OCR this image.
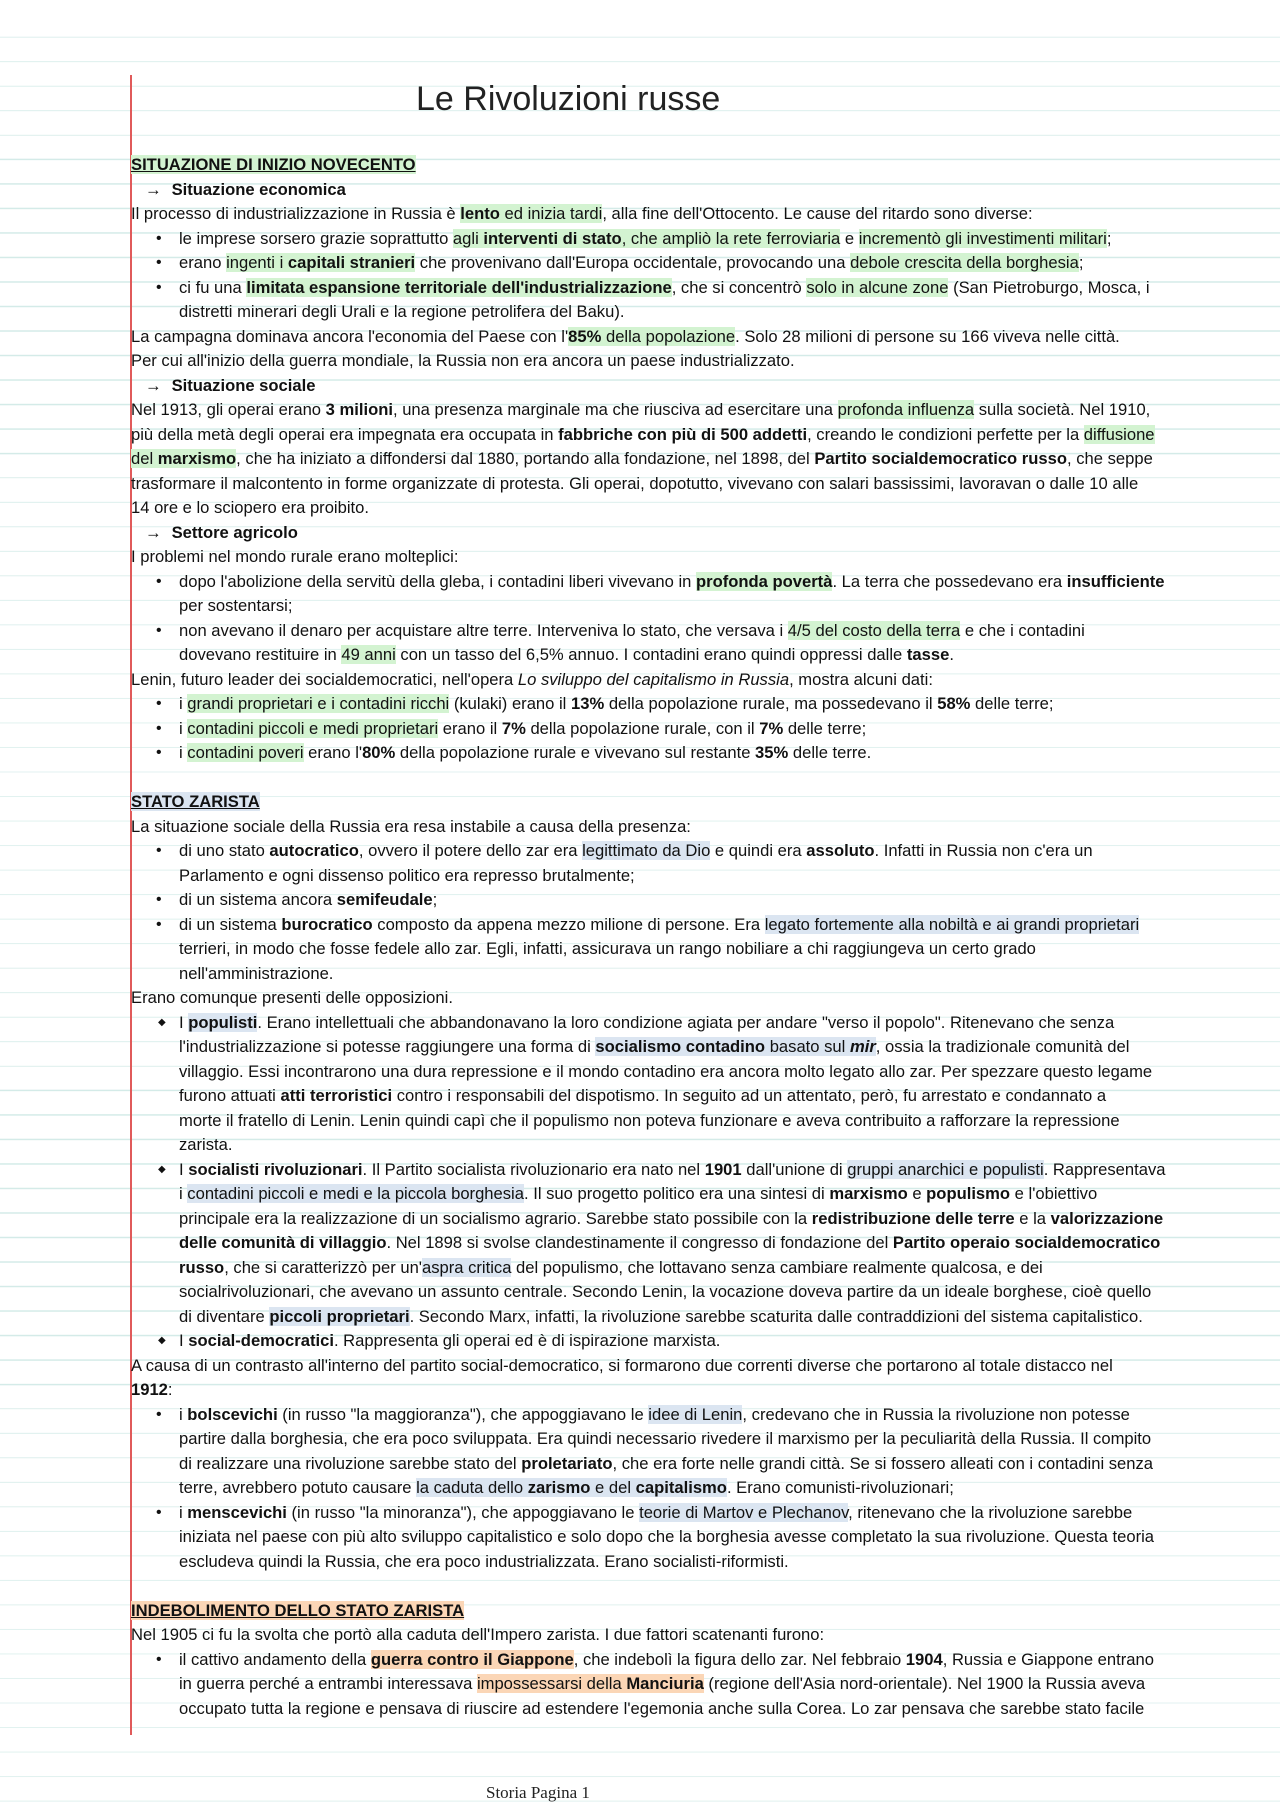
Le Rivoluzioni russe
SITUAZIONE DI INIZIO NOVECENTO
→ Situazione economica
Il processo di industrializzazione in Russia è lento ed inizia tardi, alla fine dell'Ottocento. Le cause del ritardo sono diverse:
• le imprese sorsero grazie soprattutto agli interventi di stato, che ampliò la rete ferroviaria e incrementò gli investimenti militari;
• erano ingenti i capitali stranieri che provenivano dall'Europa occidentale, provocando una debole crescita della borghesia;
• ci fu una limitata espansione territoriale dell'industrializzazione, che si concentrò solo in alcune zone (San Pietroburgo, Mosca, i
distretti minerari degli Urali e la regione petrolifera del Baku).
La campagna dominava ancora l'economia del Paese con l'85% della popolazione. Solo 28 milioni di persone su 166 viveva nelle città.
Per cui all'inizio della guerra mondiale, la Russia non era ancora un paese industrializzato.
→ Situazione sociale
Nel 1913, gli operai erano 3 milioni, una presenza marginale ma che riusciva ad esercitare una profonda influenza sulla società. Nel 1910,
più della metà degli operai era impegnata era occupata in fabbriche con più di 500 addetti, creando le condizioni perfette per la diffusione
del marxismo, che ha iniziato a diffondersi dal 1880, portando alla fondazione, nel 1898, del Partito socialdemocratico russo, che seppe
trasformare il malcontento in forme organizzate di protesta. Gli operai, dopotutto, vivevano con salari bassissimi, lavoravan o dalle 10 alle
14 ore e lo sciopero era proibito.
→ Settore agricolo
I problemi nel mondo rurale erano molteplici:
• dopo l'abolizione della servitù della gleba, i contadini liberi vivevano in profonda povertà. La terra che possedevano era insufficiente
per sostentarsi;
• non avevano il denaro per acquistare altre terre. Interveniva lo stato, che versava i 4/5 del costo della terra e che i contadini
dovevano restituire in 49 anni con un tasso del 6,5% annuo. I contadini erano quindi oppressi dalle tasse.
Lenin, futuro leader dei socialdemocratici, nell'opera Lo sviluppo del capitalismo in Russia, mostra alcuni dati:
• i grandi proprietari e i contadini ricchi (kulaki) erano il 13% della popolazione rurale, ma possedevano il 58% delle terre;
• i contadini piccoli e medi proprietari erano il 7% della popolazione rurale, con il 7% delle terre;
• i contadini poveri erano l'80% della popolazione rurale e vivevano sul restante 35% delle terre.
STATO ZARISTA
La situazione sociale della Russia era resa instabile a causa della presenza:
• di uno stato autocratico, ovvero il potere dello zar era legittimato da Dio e quindi era assoluto. Infatti in Russia non c'era un
Parlamento e ogni dissenso politico era represso brutalmente;
• di un sistema ancora semifeudale;
• di un sistema burocratico composto da appena mezzo milione di persone. Era legato fortemente alla nobiltà e ai grandi proprietari
terrieri, in modo che fosse fedele allo zar. Egli, infatti, assicurava un rango nobiliare a chi raggiungeva un certo grado
nell'amministrazione.
Erano comunque presenti delle opposizioni.
◆ I populisti. Erano intellettuali che abbandonavano la loro condizione agiata per andare "verso il popolo". Ritenevano che senza
l'industrializzazione si potesse raggiungere una forma di socialismo contadino basato sul mir, ossia la tradizionale comunità del
villaggio. Essi incontrarono una dura repressione e il mondo contadino era ancora molto legato allo zar. Per spezzare questo legame
furono attuati atti terroristici contro i responsabili del dispotismo. In seguito ad un attentato, però, fu arrestato e condannato a
morte il fratello di Lenin. Lenin quindi capì che il populismo non poteva funzionare e aveva contribuito a rafforzare la repressione
zarista.
◆ I socialisti rivoluzionari. Il Partito socialista rivoluzionario era nato nel 1901 dall'unione di gruppi anarchici e populisti. Rappresentava
i contadini piccoli e medi e la piccola borghesia. Il suo progetto politico era una sintesi di marxismo e populismo e l'obiettivo
principale era la realizzazione di un socialismo agrario. Sarebbe stato possibile con la redistribuzione delle terre e la valorizzazione
delle comunità di villaggio. Nel 1898 si svolse clandestinamente il congresso di fondazione del Partito operaio socialdemocratico
russo, che si caratterizzò per un'aspra critica del populismo, che lottavano senza cambiare realmente qualcosa, e dei
socialrivoluzionari, che avevano un assunto centrale. Secondo Lenin, la vocazione doveva partire da un ideale borghese, cioè quello
di diventare piccoli proprietari. Secondo Marx, infatti, la rivoluzione sarebbe scaturita dalle contraddizioni del sistema capitalistico.
◆ I social-democratici. Rappresenta gli operai ed è di ispirazione marxista.
A causa di un contrasto all'interno del partito social-democratico, si formarono due correnti diverse che portarono al totale distacco nel
1912:
• i bolscevichi (in russo "la maggioranza"), che appoggiavano le idee di Lenin, credevano che in Russia la rivoluzione non potesse
partire dalla borghesia, che era poco sviluppata. Era quindi necessario rivedere il marxismo per la peculiarità della Russia. Il compito
di realizzare una rivoluzione sarebbe stato del proletariato, che era forte nelle grandi città. Se si fossero alleati con i contadini senza
terre, avrebbero potuto causare la caduta dello zarismo e del capitalismo. Erano comunisti-rivoluzionari;
• i menscevichi (in russo "la minoranza"), che appoggiavano le teorie di Martov e Plechanov, ritenevano che la rivoluzione sarebbe
iniziata nel paese con più alto sviluppo capitalistico e solo dopo che la borghesia avesse completato la sua rivoluzione. Questa teoria
escludeva quindi la Russia, che era poco industrializzata. Erano socialisti-riformisti.
INDEBOLIMENTO DELLO STATO ZARISTA
Nel 1905 ci fu la svolta che portò alla caduta dell'Impero zarista. I due fattori scatenanti furono:
• il cattivo andamento della guerra contro il Giappone, che indebolì la figura dello zar. Nel febbraio 1904, Russia e Giappone entrano
in guerra perché a entrambi interessava impossessarsi della Manciuria (regione dell'Asia nord-orientale). Nel 1900 la Russia aveva
occupato tutta la regione e pensava di riuscire ad estendere l'egemonia anche sulla Corea. Lo zar pensava che sarebbe stato facile
Storia Pagina 1
